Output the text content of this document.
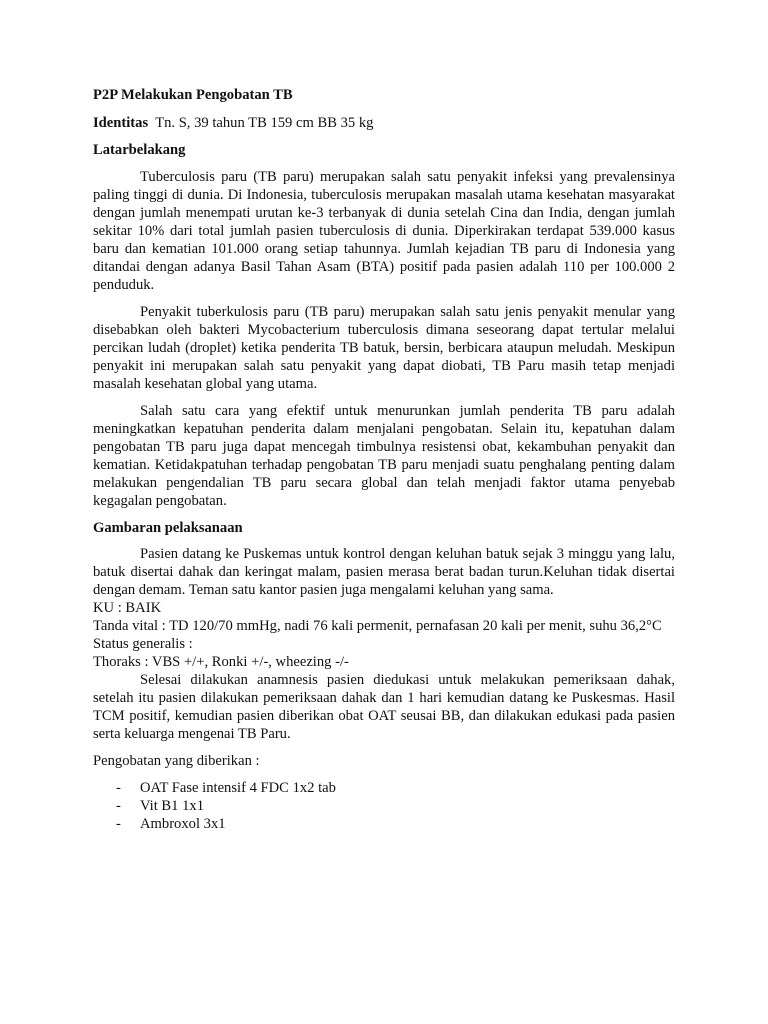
P2P Melakukan Pengobatan TB
Identitas Tn. S, 39 tahun TB 159 cm BB 35 kg
Latarbelakang

Tuberculosis paru (TB paru) merupakan salah satu penyakit infeksi yang prevalensinya paling tinggi di dunia. Di Indonesia, tuberculosis merupakan masalah utama kesehatan masyarakat dengan jumlah menempati urutan ke-3 terbanyak di dunia setelah Cina dan India, dengan jumlah sekitar 10% dari total jumlah pasien tuberculosis di dunia. Diperkirakan terdapat 539.000 kasus baru dan kematian 101.000 orang setiap tahunnya. Jumlah kejadian TB paru di Indonesia yang ditandai dengan adanya Basil Tahan Asam (BTA) positif pada pasien adalah 110 per 100.000 2 penduduk.

Penyakit tuberkulosis paru (TB paru) merupakan salah satu jenis penyakit menular yang disebabkan oleh bakteri Mycobacterium tuberculosis dimana seseorang dapat tertular melalui percikan ludah (droplet) ketika penderita TB batuk, bersin, berbicara ataupun meludah. Meskipun penyakit ini merupakan salah satu penyakit yang dapat diobati, TB Paru masih tetap menjadi masalah kesehatan global yang utama.

Salah satu cara yang efektif untuk menurunkan jumlah penderita TB paru adalah meningkatkan kepatuhan penderita dalam menjalani pengobatan. Selain itu, kepatuhan dalam pengobatan TB paru juga dapat mencegah timbulnya resistensi obat, kekambuhan penyakit dan kematian. Ketidakpatuhan terhadap pengobatan TB paru menjadi suatu penghalang penting dalam melakukan pengendalian TB paru secara global dan telah menjadi faktor utama penyebab kegagalan pengobatan.

Gambaran pelaksanaan

Pasien datang ke Puskemas untuk kontrol dengan keluhan batuk sejak 3 minggu yang lalu, batuk disertai dahak dan keringat malam, pasien merasa berat badan turun.Keluhan tidak disertai dengan demam. Teman satu kantor pasien juga mengalami keluhan yang sama.

KU : BAIK
Tanda vital : TD 120/70 mmHg, nadi 76 kali permenit, pernafasan 20 kali per menit, suhu 36,2°C
Status generalis :
Thoraks : VBS +/+, Ronki +/-, wheezing -/-

Selesai dilakukan anamnesis pasien diedukasi untuk melakukan pemeriksaan dahak, setelah itu pasien dilakukan pemeriksaan dahak dan 1 hari kemudian datang ke Puskesmas. Hasil TCM positif, kemudian pasien diberikan obat OAT seusai BB, dan dilakukan edukasi pada pasien serta keluarga mengenai TB Paru.

Pengobatan yang diberikan :
- OAT Fase intensif 4 FDC 1x2 tab
- Vit B1 1x1
- Ambroxol 3x1
